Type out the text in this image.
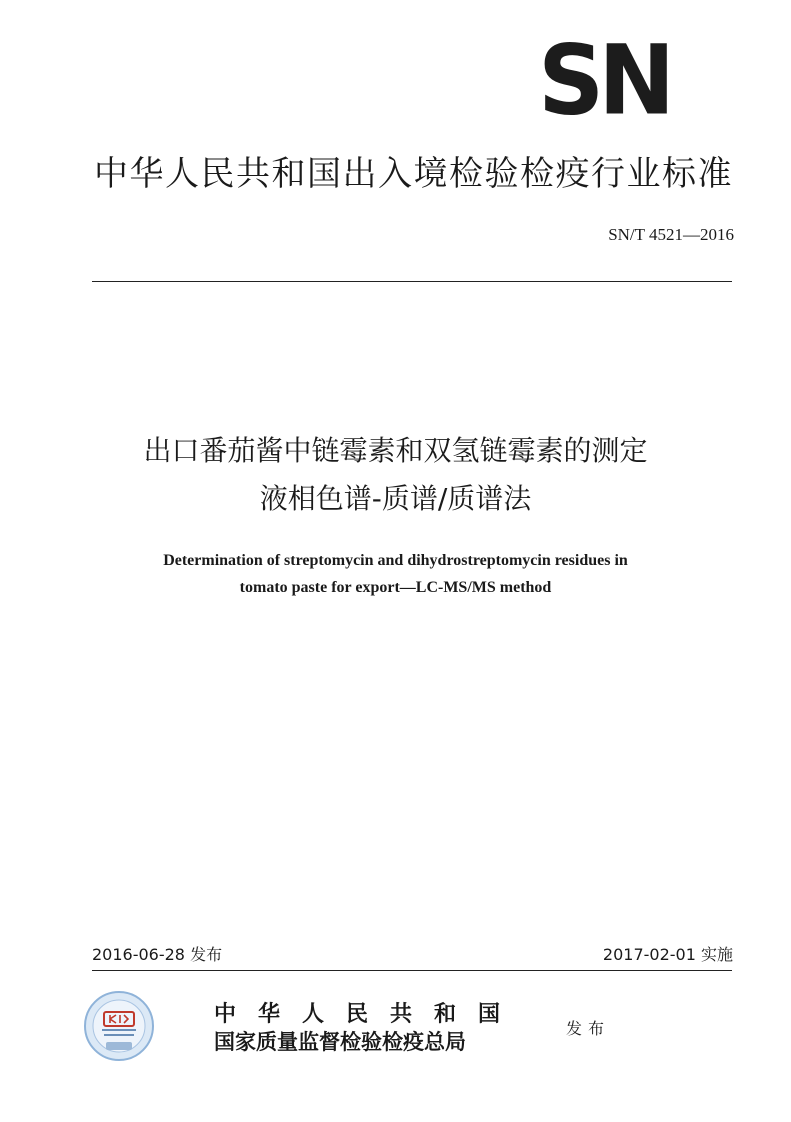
SN
中华人民共和国出入境检验检疫行业标准
SN/T 4521—2016
出口番茄酱中链霉素和双氢链霉素的测定
液相色谱-质谱/质谱法
Determination of streptomycin and dihydrostreptomycin residues in
tomato paste for export—LC-MS/MS method
2016-06-28 发布	2017-02-01 实施
中华人民共和国
国家质量监督检验检疫总局
发布
